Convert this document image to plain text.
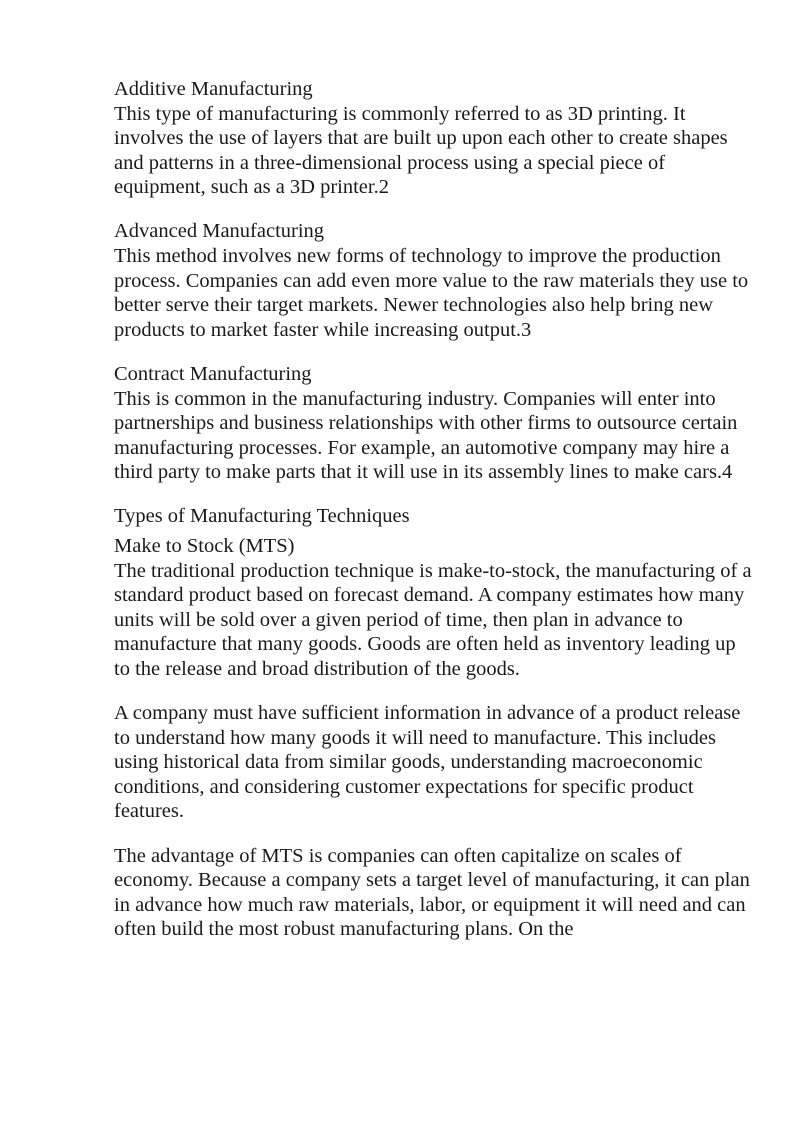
Additive Manufacturing
This type of manufacturing is commonly referred to as 3D printing. It involves the use of layers that are built up upon each other to create shapes and patterns in a three-dimensional process using a special piece of equipment, such as a 3D printer.2
Advanced Manufacturing
This method involves new forms of technology to improve the production process. Companies can add even more value to the raw materials they use to better serve their target markets. Newer technologies also help bring new products to market faster while increasing output.3
Contract Manufacturing
This is common in the manufacturing industry. Companies will enter into partnerships and business relationships with other firms to outsource certain manufacturing processes. For example, an automotive company may hire a third party to make parts that it will use in its assembly lines to make cars.4
Types of Manufacturing Techniques
Make to Stock (MTS)

The traditional production technique is make-to-stock, the manufacturing of a standard product based on forecast demand. A company estimates how many units will be sold over a given period of time, then plan in advance to manufacture that many goods. Goods are often held as inventory leading up to the release and broad distribution of the goods.

A company must have sufficient information in advance of a product release to understand how many goods it will need to manufacture. This includes using historical data from similar goods, understanding macroeconomic conditions, and considering customer expectations for specific product features.

The advantage of MTS is companies can often capitalize on scales of economy. Because a company sets a target level of manufacturing, it can plan in advance how much raw materials, labor, or equipment it will need and can often build the most robust manufacturing plans. On the
